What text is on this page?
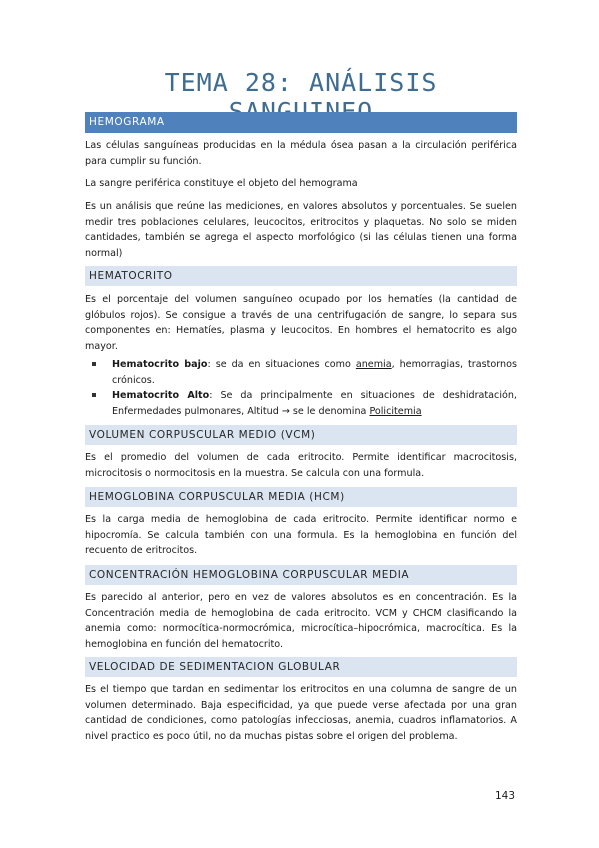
TEMA 28: ANÁLISIS
HEMOGRAMA

Las células sanguíneas producidas en la médula ósea pasan a la circulación periférica para cumplir su función.

La sangre periférica constituye el objeto del hemograma

Es un análisis que reúne las mediciones, en valores absolutos y porcentuales. Se suelen medir tres poblaciones celulares, leucocitos, eritrocitos y plaquetas. No solo se miden cantidades, también se agrega el aspecto morfológico (si las células tienen una forma normal)

HEMATOCRITO

Es el porcentaje del volumen sanguíneo ocupado por los hematíes (la cantidad de glóbulos rojos). Se consigue a través de una centrifugación de sangre, lo separa sus componentes en: Hematíes, plasma y leucocitos. En hombres el hematocrito es algo mayor.

Hematocrito bajo: se da en situaciones como anemia, hemorragias, trastornos crónicos.
Hematocrito Alto: Se da principalmente en situaciones de deshidratación, Enfermedades pulmonares, Altitud → se le denomina Policitemia
VOLUMEN CORPUSCULAR MEDIO (VCM)

Es el promedio del volumen de cada eritrocito. Permite identificar macrocitosis, microcitosis o normocitosis en la muestra. Se calcula con una formula.

HEMOGLOBINA CORPUSCULAR MEDIA (HCM)

Es la carga media de hemoglobina de cada eritrocito. Permite identificar normo e hipocromía. Se calcula también con una formula. Es la hemoglobina en función del recuento de eritrocitos.

CONCENTRACIÓN HEMOGLOBINA CORPUSCULAR MEDIA

Es parecido al anterior, pero en vez de valores absolutos es en concentración. Es la Concentración media de hemoglobina de cada eritrocito. VCM y CHCM clasificando la anemia como: normocítica-normocrómica, microcítica–hipocrómica, macrocítica. Es la hemoglobina en función del hematocrito.

VELOCIDAD DE SEDIMENTACION GLOBULAR

Es el tiempo que tardan en sedimentar los eritrocitos en una columna de sangre de un volumen determinado. Baja especificidad, ya que puede verse afectada por una gran cantidad de condiciones, como patologías infecciosas, anemia, cuadros inflamatorios. A nivel practico es poco útil, no da muchas pistas sobre el origen del problema.

143
